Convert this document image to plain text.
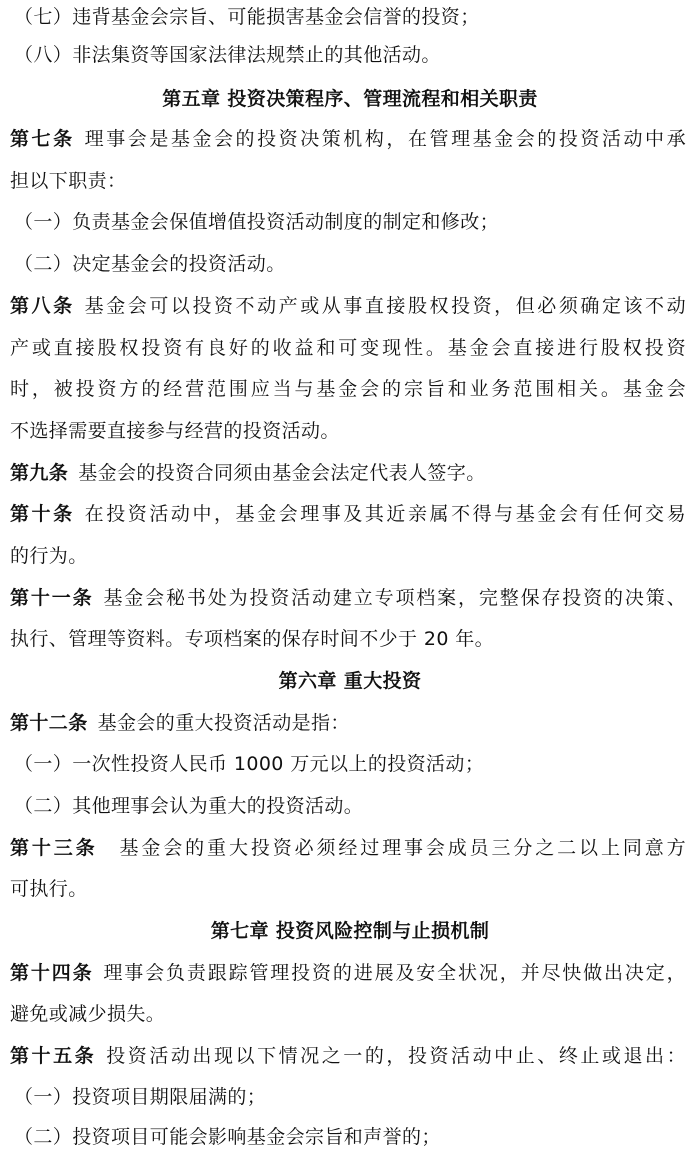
（七）违背基金会宗旨、可能损害基金会信誉的投资；
（八）非法集资等国家法律法规禁止的其他活动。
第五章 投资决策程序、管理流程和相关职责
第七条 理事会是基金会的投资决策机构，在管理基金会的投资活动中承
担以下职责：
（一）负责基金会保值增值投资活动制度的制定和修改；
（二）决定基金会的投资活动。
第八条 基金会可以投资不动产或从事直接股权投资，但必须确定该不动
产或直接股权投资有良好的收益和可变现性。基金会直接进行股权投资
时，被投资方的经营范围应当与基金会的宗旨和业务范围相关。基金会
不选择需要直接参与经营的投资活动。
第九条 基金会的投资合同须由基金会法定代表人签字。
第十条 在投资活动中，基金会理事及其近亲属不得与基金会有任何交易
的行为。
第十一条 基金会秘书处为投资活动建立专项档案，完整保存投资的决策、
执行、管理等资料。专项档案的保存时间不少于 20 年。
第六章 重大投资
第十二条 基金会的重大投资活动是指：
（一）一次性投资人民币 1000 万元以上的投资活动；
（二）其他理事会认为重大的投资活动。
第十三条 基金会的重大投资必须经过理事会成员三分之二以上同意方
可执行。
第七章 投资风险控制与止损机制
第十四条 理事会负责跟踪管理投资的进展及安全状况，并尽快做出决定，
避免或减少损失。
第十五条 投资活动出现以下情况之一的，投资活动中止、终止或退出：
（一）投资项目期限届满的；
（二）投资项目可能会影响基金会宗旨和声誉的；
